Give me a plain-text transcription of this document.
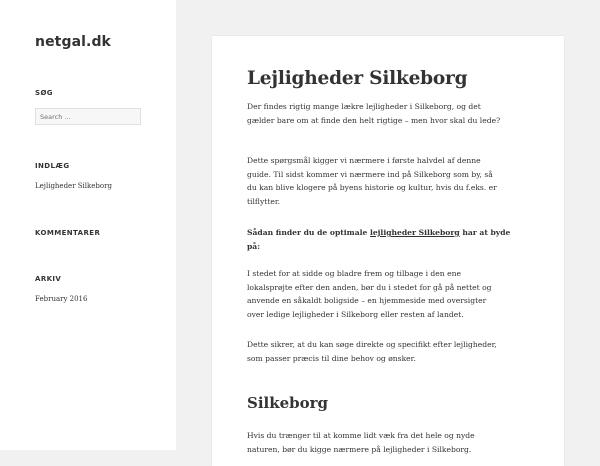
netgal.dk
SØG
Search …
INDLÆG
Lejligheder Silkeborg
KOMMENTARER
ARKIV
February 2016
Lejligheder Silkeborg

Der findes rigtig mange lækre lejligheder i Silkeborg, og det
gælder bare om at finde den helt rigtige – men hvor skal du lede?

Dette spørgsmål kigger vi nærmere i første halvdel af denne
guide. Til sidst kommer vi nærmere ind på Silkeborg som by, så
du kan blive klogere på byens historie og kultur, hvis du f.eks. er
tilflytter.

Sådan finder du de optimale lejligheder Silkeborg har at byde
på:

I stedet for at sidde og bladre frem og tilbage i den ene
lokalsprøjte efter den anden, bør du i stedet for gå på nettet og
anvende en såkaldt boligside – en hjemmeside med oversigter
over ledige lejligheder i Silkeborg eller resten af landet.

Dette sikrer, at du kan søge direkte og specifikt efter lejligheder,
som passer præcis til dine behov og ønsker.

Silkeborg

Hvis du trænger til at komme lidt væk fra det hele og nyde
naturen, bør du kigge nærmere på lejligheder i Silkeborg.
